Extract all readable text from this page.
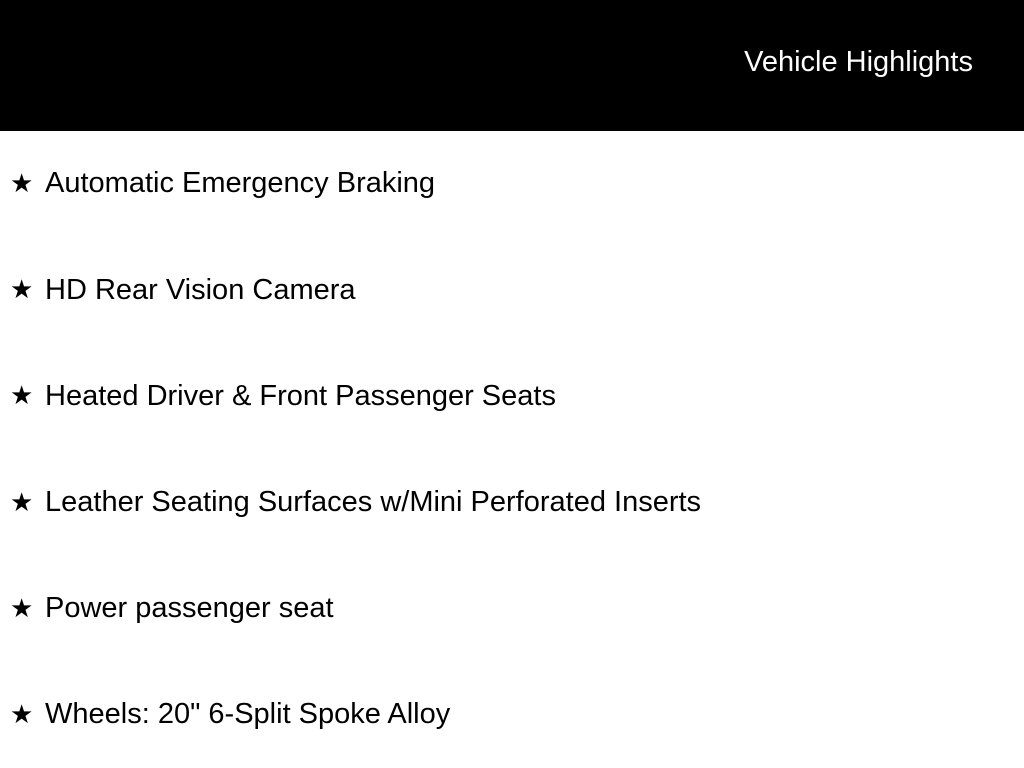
Vehicle Highlights
★ Automatic Emergency Braking
★ HD Rear Vision Camera
★ Heated Driver & Front Passenger Seats
★ Leather Seating Surfaces w/Mini Perforated Inserts
★ Power passenger seat
★ Wheels: 20" 6-Split Spoke Alloy
